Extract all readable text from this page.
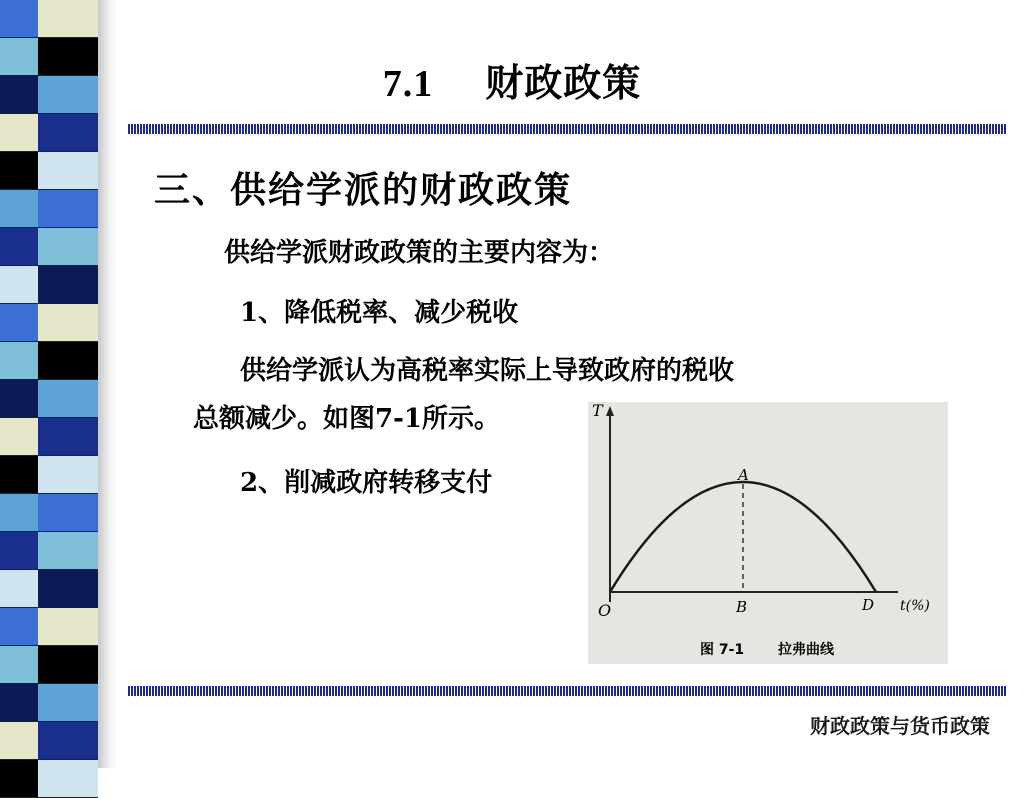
7.1 财政政策
三、供给学派的财政政策
供给学派财政政策的主要内容为：
1、降低税率、减少税收
供给学派认为高税率实际上导致政府的税收
总额减少。如图7-1所示。
2、削减政府转移支付
T
O
A
B	D t(%)
图 7-1 拉弗曲线
财政政策与货币政策
